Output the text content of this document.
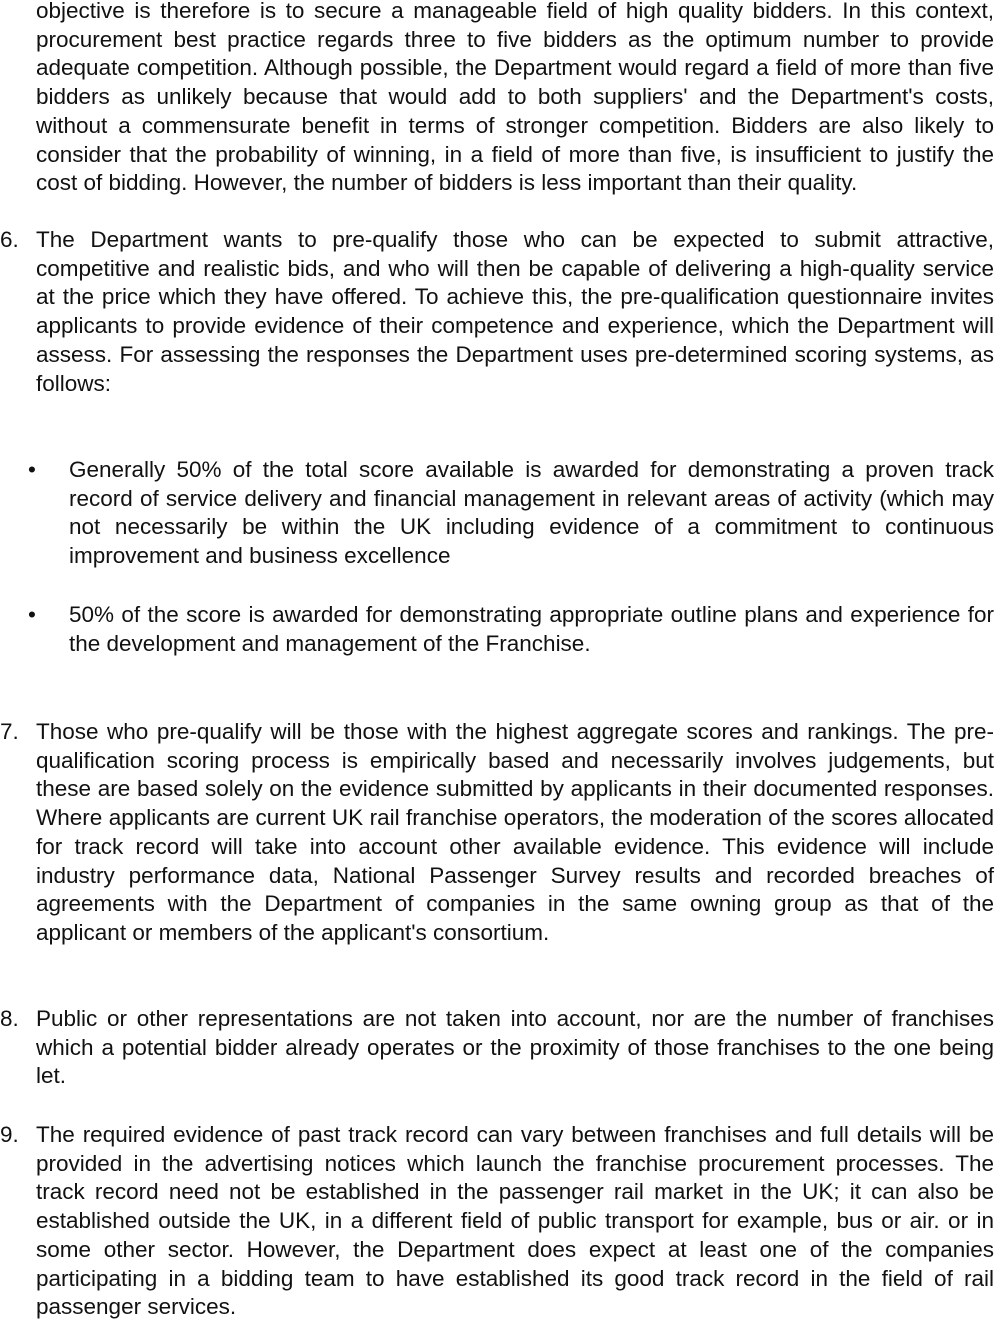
objective is therefore is to secure a manageable field of high quality bidders. In this context, procurement best practice regards three to five bidders as the optimum number to provide adequate competition. Although possible, the Department would regard a field of more than five bidders as unlikely because that would add to both suppliers' and the Department's costs, without a commensurate benefit in terms of stronger competition. Bidders are also likely to consider that the probability of winning, in a field of more than five, is insufficient to justify the cost of bidding. However, the number of bidders is less important than their quality.
6. The Department wants to pre-qualify those who can be expected to submit attractive, competitive and realistic bids, and who will then be capable of delivering a high-quality service at the price which they have offered. To achieve this, the pre-qualification questionnaire invites applicants to provide evidence of their competence and experience, which the Department will assess. For assessing the responses the Department uses pre-determined scoring systems, as follows:
• Generally 50% of the total score available is awarded for demonstrating a proven track record of service delivery and financial management in relevant areas of activity (which may not necessarily be within the UK including evidence of a commitment to continuous improvement and business excellence
• 50% of the score is awarded for demonstrating appropriate outline plans and experience for the development and management of the Franchise.
7. Those who pre-qualify will be those with the highest aggregate scores and rankings. The pre-qualification scoring process is empirically based and necessarily involves judgements, but these are based solely on the evidence submitted by applicants in their documented responses. Where applicants are current UK rail franchise operators, the moderation of the scores allocated for track record will take into account other available evidence. This evidence will include industry performance data, National Passenger Survey results and recorded breaches of agreements with the Department of companies in the same owning group as that of the applicant or members of the applicant's consortium.
8. Public or other representations are not taken into account, nor are the number of franchises which a potential bidder already operates or the proximity of those franchises to the one being let.
9. The required evidence of past track record can vary between franchises and full details will be provided in the advertising notices which launch the franchise procurement processes. The track record need not be established in the passenger rail market in the UK; it can also be established outside the UK, in a different field of public transport for example, bus or air. or in some other sector. However, the Department does expect at least one of the companies participating in a bidding team to have established its good track record in the field of rail passenger services.
